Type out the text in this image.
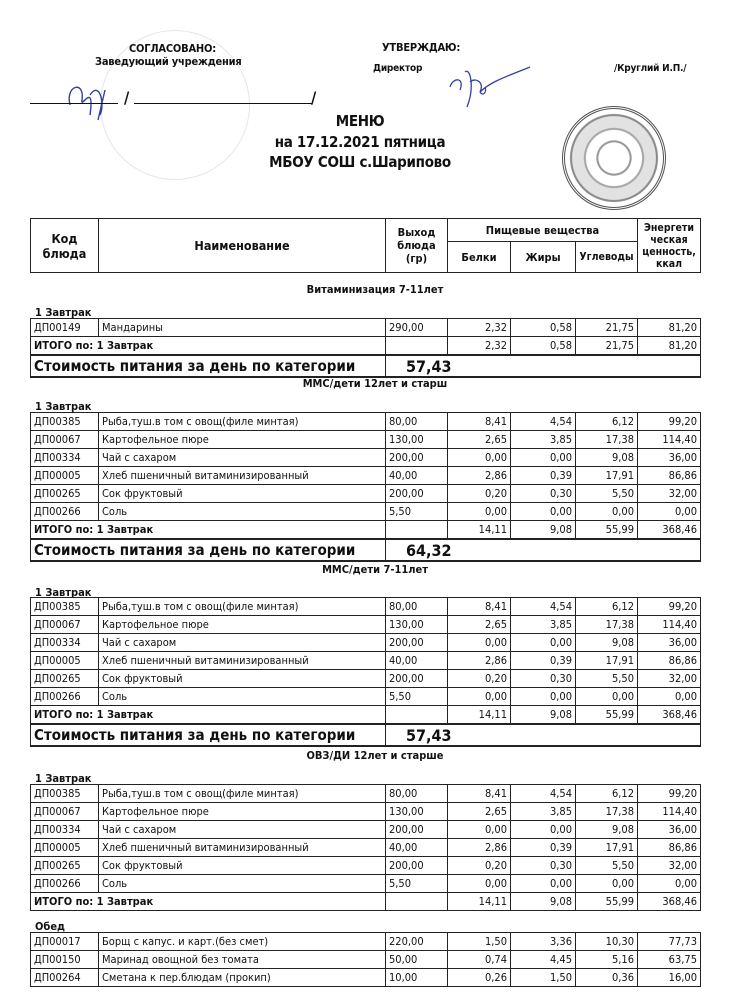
СОГЛАСОВАНО:
Заведующий учреждения
/	/
УТВЕРЖДАЮ:
Директор	/Круглий И.П./
МЕНЮ
на 17.12.2021 пятница
МБОУ СОШ с.Шарипово
Код блюда	Наименование	Выход блюда (гр)	Пищевые вещества			Энергети ческая ценность, ккал
			Белки	Жиры	Углеводы	
Витаминизация 7-11лет
1 Завтрак
ДП00149	Мандарины	290,00	2,32	0,58	21,75	81,20
ИТОГО по: 1 Завтрак			2,32	0,58	21,75	81,20
Стоимость питания за день по категории		57,43				
ММС/дети 12лет и старш
1 Завтрак
ДП00385	Рыба,туш.в том с овощ(филе минтая)	80,00	8,41	4,54	6,12	99,20
ДП00067	Картофельное пюре	130,00	2,65	3,85	17,38	114,40
ДП00334	Чай с сахаром	200,00	0,00	0,00	9,08	36,00
ДП00005	Хлеб пшеничный витаминизированный	40,00	2,86	0,39	17,91	86,86
ДП00265	Сок фруктовый	200,00	0,20	0,30	5,50	32,00
ДП00266	Соль	5,50	0,00	0,00	0,00	0,00
ИТОГО по: 1 Завтрак			14,11	9,08	55,99	368,46
Стоимость питания за день по категории		64,32				
ММС/дети 7-11лет
1 Завтрак
ДП00385	Рыба,туш.в том с овощ(филе минтая)	80,00	8,41	4,54	6,12	99,20
ДП00067	Картофельное пюре	130,00	2,65	3,85	17,38	114,40
ДП00334	Чай с сахаром	200,00	0,00	0,00	9,08	36,00
ДП00005	Хлеб пшеничный витаминизированный	40,00	2,86	0,39	17,91	86,86
ДП00265	Сок фруктовый	200,00	0,20	0,30	5,50	32,00
ДП00266	Соль	5,50	0,00	0,00	0,00	0,00
ИТОГО по: 1 Завтрак			14,11	9,08	55,99	368,46
Стоимость питания за день по категории		57,43				
ОВЗ/ДИ 12лет и старше
1 Завтрак
ДП00385	Рыба,туш.в том с овощ(филе минтая)	80,00	8,41	4,54	6,12	99,20
ДП00067	Картофельное пюре	130,00	2,65	3,85	17,38	114,40
ДП00334	Чай с сахаром	200,00	0,00	0,00	9,08	36,00
ДП00005	Хлеб пшеничный витаминизированный	40,00	2,86	0,39	17,91	86,86
ДП00265	Сок фруктовый	200,00	0,20	0,30	5,50	32,00
ДП00266	Соль	5,50	0,00	0,00	0,00	0,00
ИТОГО по: 1 Завтрак			14,11	9,08	55,99	368,46
Обед
ДП00017	Борщ с капус. и карт.(без смет)	220,00	1,50	3,36	10,30	77,73
ДП00150	Маринад овощной без томата	50,00	0,74	4,45	5,16	63,75
ДП00264	Сметана к пер.блюдам (прокип)	10,00	0,26	1,50	0,36	16,00
